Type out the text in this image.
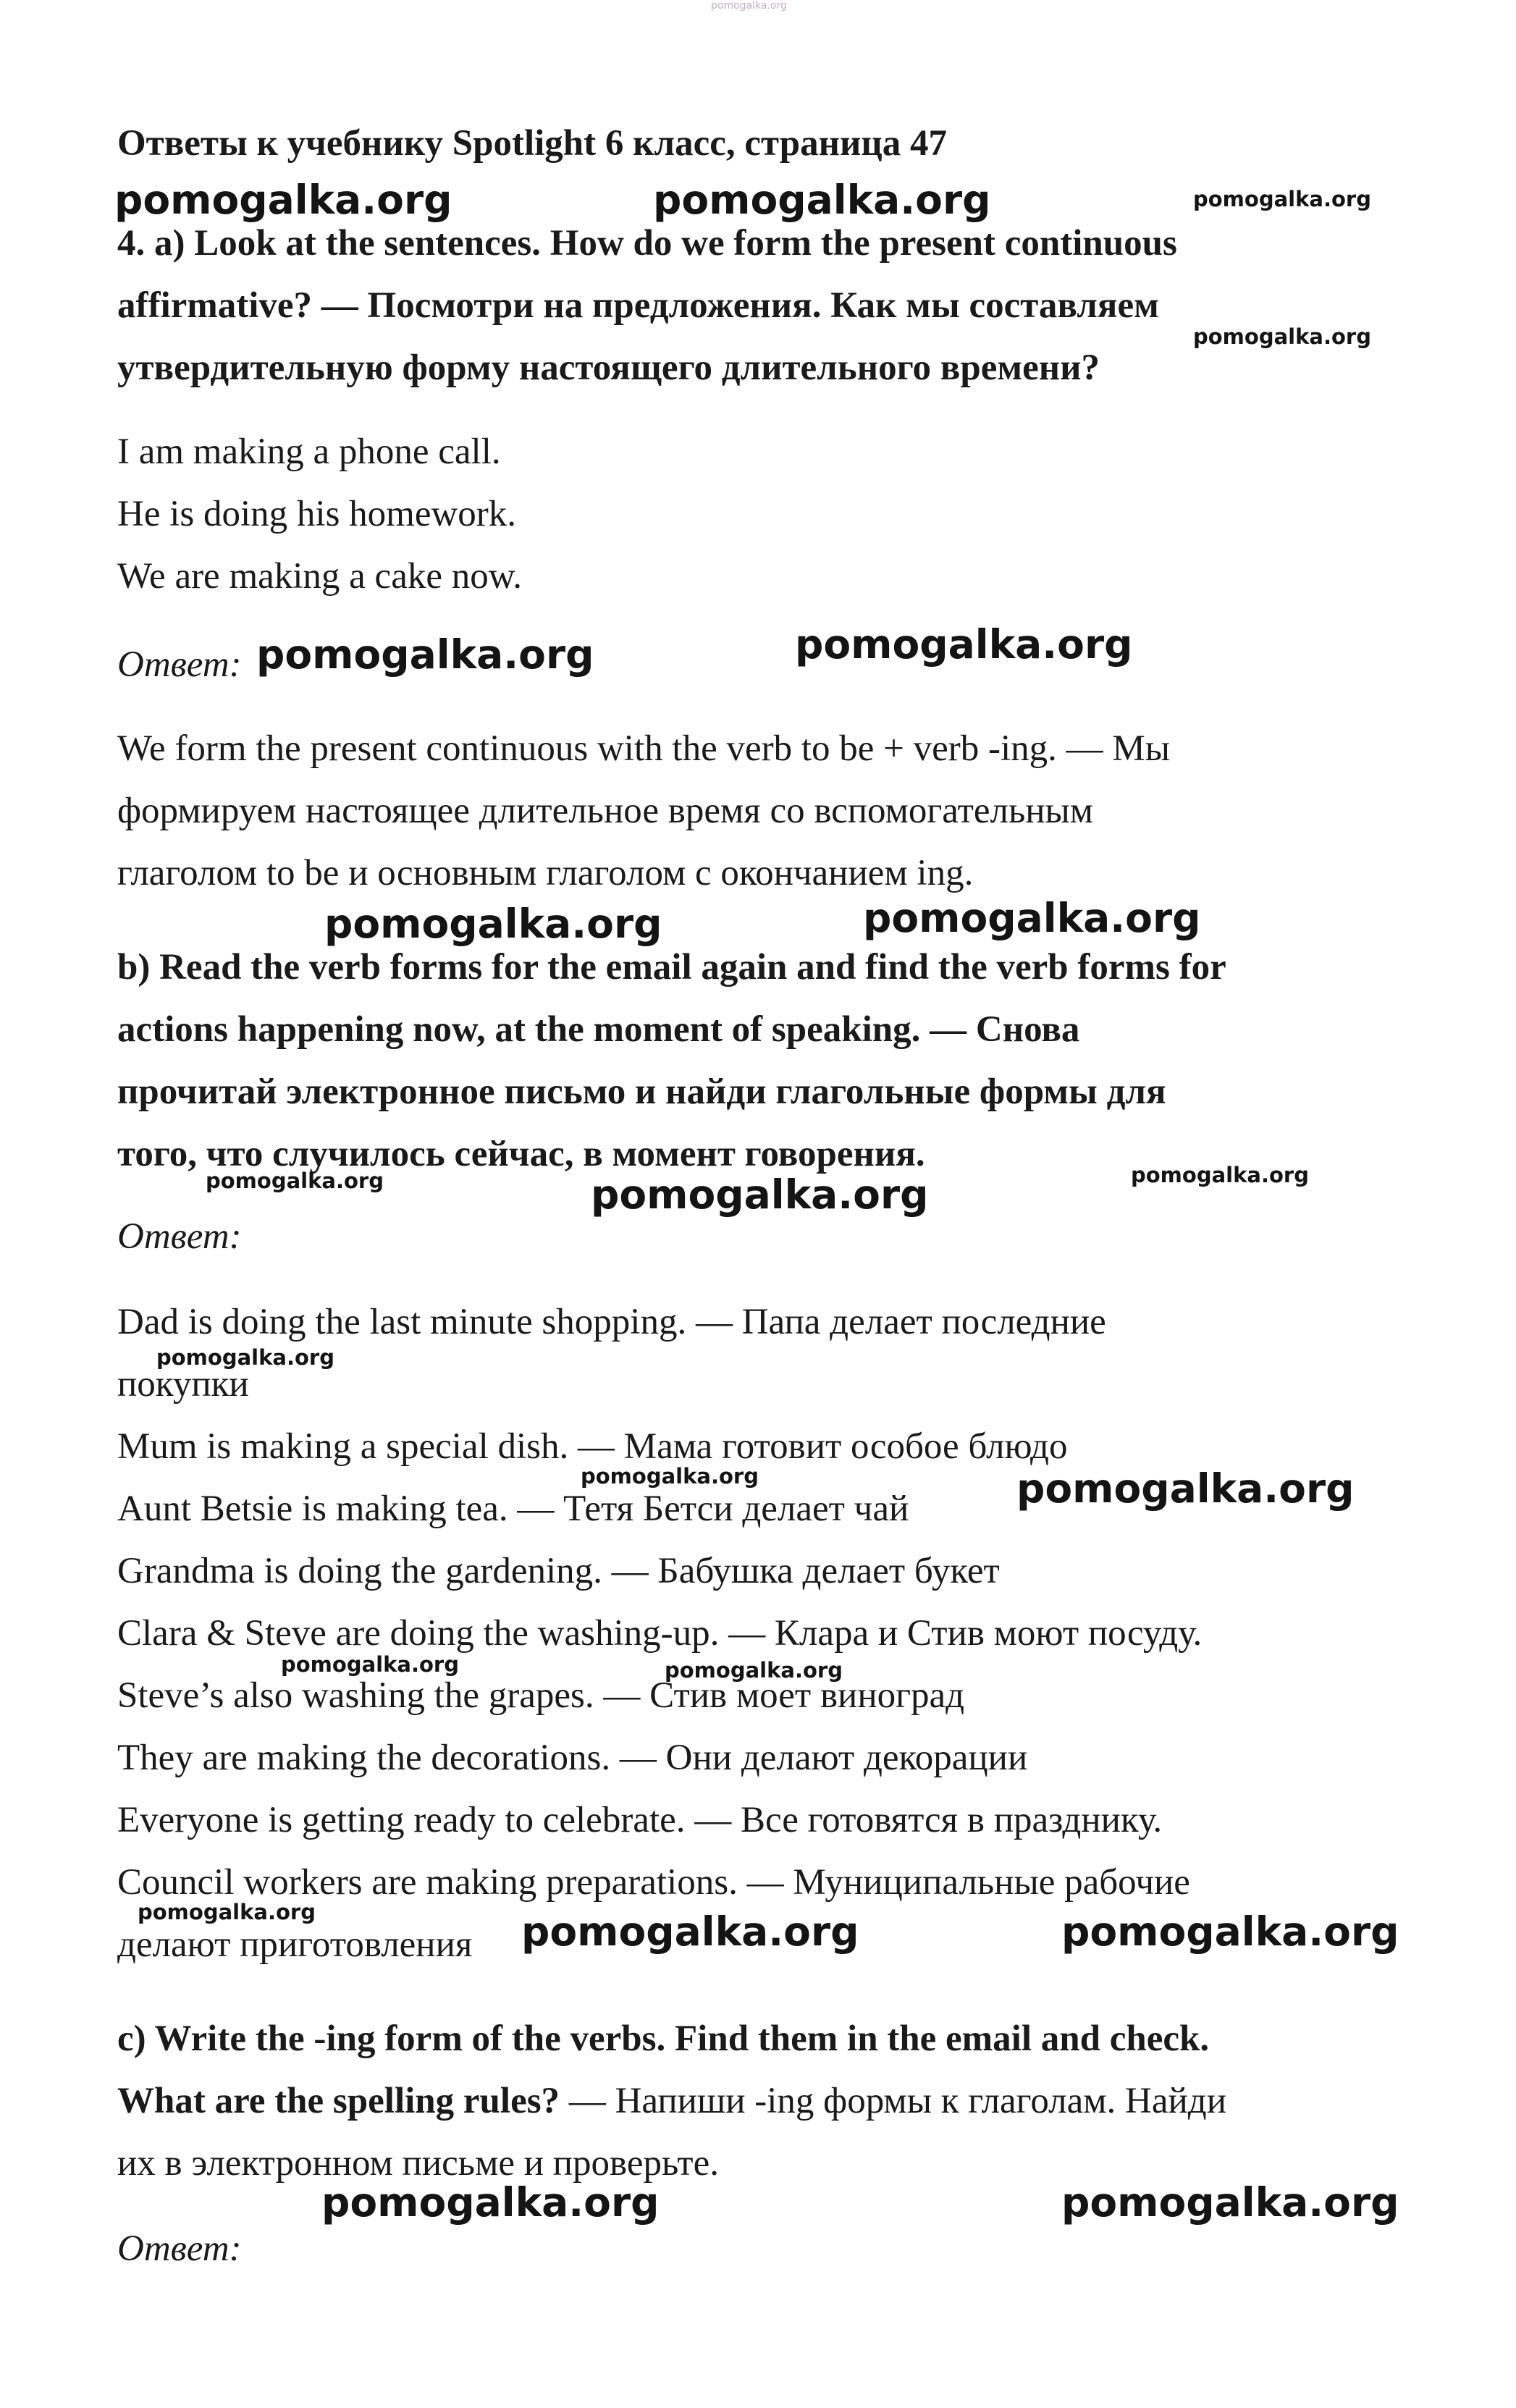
pomogalka.org
Ответы к учебнику Spotlight 6 класс, страница 47
4. a) Look at the sentences. How do we form the present continuous
affirmative? — Посмотри на предложения. Как мы составляем
утвердительную форму настоящего длительного времени?
I am making a phone call.
He is doing his homework.
We are making a cake now.
Ответ:
We form the present continuous with the verb to be + verb -ing. — Мы
формируем настоящее длительное время со вспомогательным
глаголом to be и основным глаголом с окончанием ing.
b) Read the verb forms for the email again and find the verb forms for
actions happening now, at the moment of speaking. — Снова
прочитай электронное письмо и найди глагольные формы для
того, что случилось сейчас, в момент говорения.
Ответ:
Dad is doing the last minute shopping. — Папа делает последние
покупки
Mum is making a special dish. — Мама готовит особое блюдо
Aunt Betsie is making tea. — Тетя Бетси делает чай
Grandma is doing the gardening. — Бабушка делает букет
Clara & Steve are doing the washing-up. — Клара и Стив моют посуду.
Steve’s also washing the grapes. — Стив моет виноград
They are making the decorations. — Они делают декорации
Everyone is getting ready to celebrate. — Все готовятся в празднику.
Council workers are making preparations. — Муниципальные рабочие
делают приготовления
c) Write the -ing form of the verbs. Find them in the email and check.
What are the spelling rules? — Напиши -ing формы к глаголам. Найди
их в электронном письме и проверьте.
Ответ:
pomogalka.org	pomogalka.org	pomogalka.org
pomogalka.org
pomogalka.org	pomogalka.org
pomogalka.org	pomogalka.org
pomogalka.org	pomogalka.org	pomogalka.org
pomogalka.org
pomogalka.org	pomogalka.org
pomogalka.org	pomogalka.org
pomogalka.org	pomogalka.org	pomogalka.org
pomogalka.org	pomogalka.org
